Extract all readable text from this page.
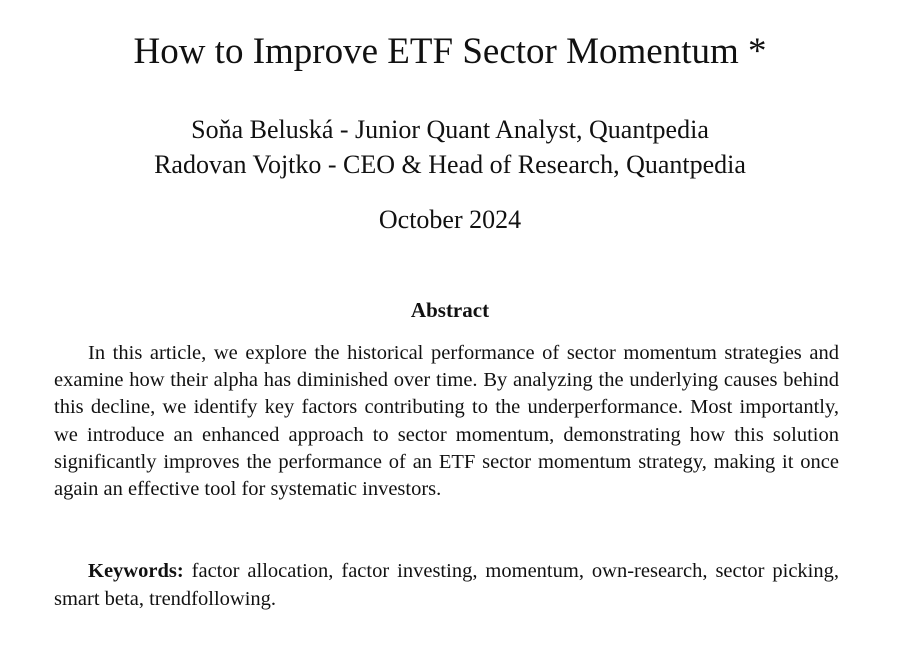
How to Improve ETF Sector Momentum *
Soňa Beluská - Junior Quant Analyst, Quantpedia
Radovan Vojtko - CEO & Head of Research, Quantpedia
October 2024
Abstract

In this article, we explore the historical performance of sector momentum strategies and examine how their alpha has diminished over time. By analyzing the underlying causes behind this decline, we identify key factors contributing to the underperformance. Most importantly, we introduce an enhanced approach to sector momentum, demonstrating how this solution significantly improves the performance of an ETF sector momentum strategy, making it once again an effective tool for systematic investors.

Keywords: factor allocation, factor investing, momentum, own-research, sector picking, smart beta, trendfollowing.
